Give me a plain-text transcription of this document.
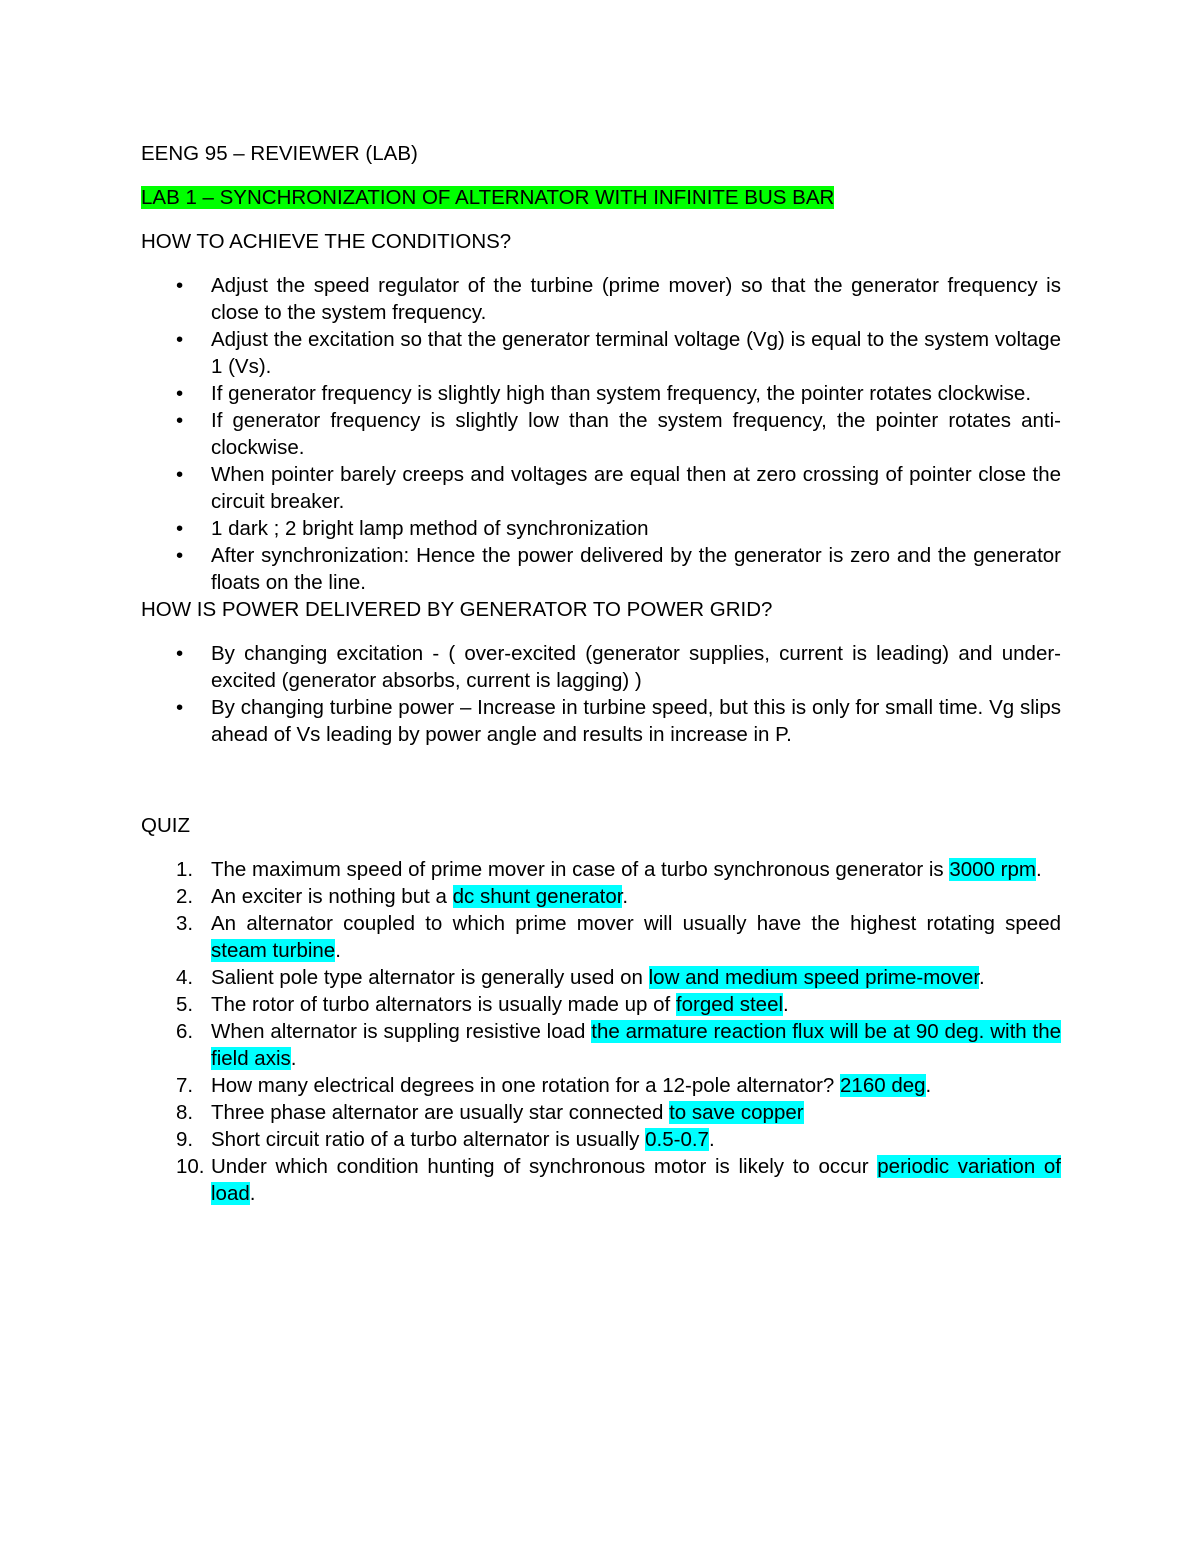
EENG 95 – REVIEWER (LAB)

LAB 1 – SYNCHRONIZATION OF ALTERNATOR WITH INFINITE BUS BAR

HOW TO ACHIEVE THE CONDITIONS?

•	Adjust the speed regulator of the turbine (prime mover) so that the generator frequency is close to the system frequency.
•	Adjust the excitation so that the generator terminal voltage (Vg) is equal to the system voltage 1 (Vs).
•	If generator frequency is slightly high than system frequency, the pointer rotates clockwise.
•	If generator frequency is slightly low than the system frequency, the pointer rotates anti-clockwise.
•	When pointer barely creeps and voltages are equal then at zero crossing of pointer close the circuit breaker.
•	1 dark ; 2 bright lamp method of synchronization
•	After synchronization: Hence the power delivered by the generator is zero and the generator floats on the line.

HOW IS POWER DELIVERED BY GENERATOR TO POWER GRID?

•	By changing excitation - ( over-excited (generator supplies, current is leading) and under-excited (generator absorbs, current is lagging) )
•	By changing turbine power – Increase in turbine speed, but this is only for small time. Vg slips ahead of Vs leading by power angle and results in increase in P.

QUIZ

1. The maximum speed of prime mover in case of a turbo synchronous generator is 3000 rpm.
2. An exciter is nothing but a dc shunt generator.
3. An alternator coupled to which prime mover will usually have the highest rotating speed steam turbine.
4. Salient pole type alternator is generally used on low and medium speed prime-mover.
5. The rotor of turbo alternators is usually made up of forged steel.
6. When alternator is suppling resistive load the armature reaction flux will be at 90 deg. with the field axis.
7. How many electrical degrees in one rotation for a 12-pole alternator? 2160 deg.
8. Three phase alternator are usually star connected to save copper
9. Short circuit ratio of a turbo alternator is usually 0.5-0.7.
10. Under which condition hunting of synchronous motor is likely to occur periodic variation of load.
